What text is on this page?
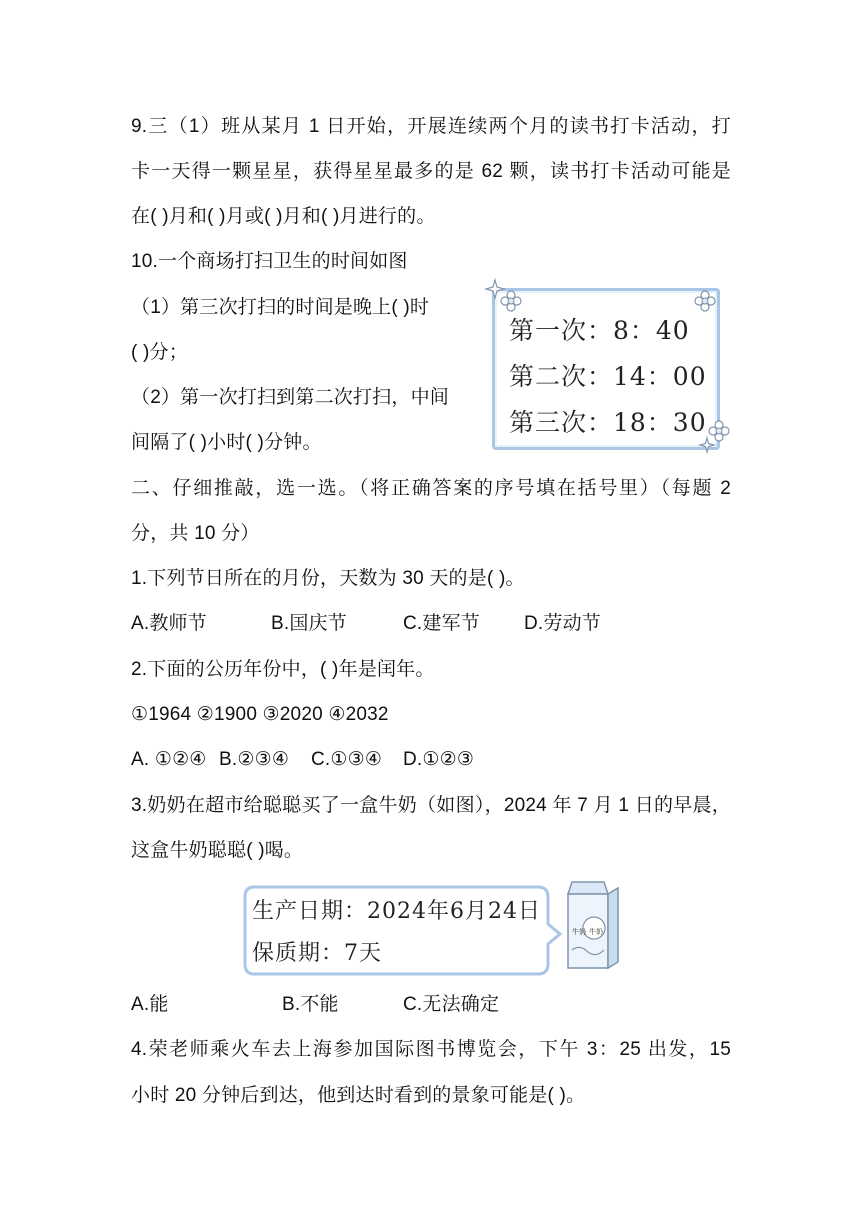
9.三（1）班从某月 1 日开始，开展连续两个月的读书打卡活动，打
卡一天得一颗星星，获得星星最多的是 62 颗，读书打卡活动可能是
在( )月和( )月或( )月和( )月进行的。
10.一个商场打扫卫生的时间如图
（1）第三次打扫的时间是晚上( )时
( )分；
（2）第一次打扫到第二次打扫，中间
间隔了( )小时( )分钟。
第一次：8：40
第二次：14：00
第三次：18：30
二、仔细推敲，选一选。（将正确答案的序号填在括号里）（每题 2
分，共 10 分）
1.下列节日所在的月份，天数为 30 天的是( )。
A.教师节	B.国庆节	C.建军节	D.劳动节
2.下面的公历年份中，( )年是闰年。
①1964 ②1900 ③2020 ④2032
A. ①②④ B.②③④	C.①③④	D.①②③
3.奶奶在超市给聪聪买了一盒牛奶（如图），2024 年 7 月 1 日的早晨，
这盒牛奶聪聪( )喝。
生产日期：2024年6月24日
保质期：7天
牛奶 牛奶
A.能	B.不能	C.无法确定
4.荣老师乘火车去上海参加国际图书博览会，下午 3：25 出发，15
小时 20 分钟后到达，他到达时看到的景象可能是( )。
